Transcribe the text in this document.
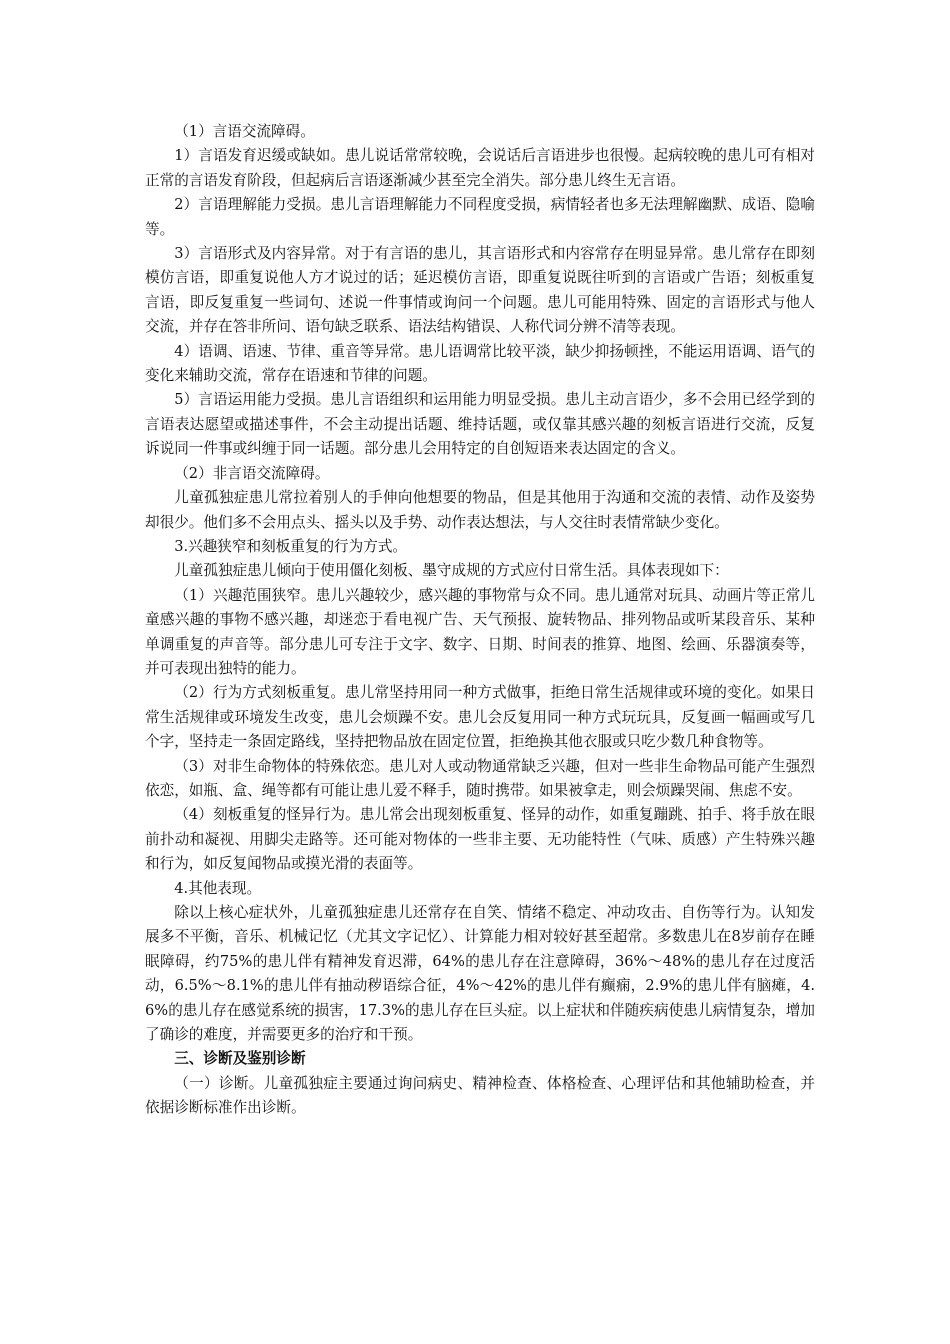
（1）言语交流障碍。

1）言语发育迟缓或缺如。患儿说话常常较晚，会说话后言语进步也很慢。起病较晚的患儿可有相对正常的言语发育阶段，但起病后言语逐渐减少甚至完全消失。部分患儿终生无言语。

2）言语理解能力受损。患儿言语理解能力不同程度受损，病情轻者也多无法理解幽默、成语、隐喻等。

3）言语形式及内容异常。对于有言语的患儿，其言语形式和内容常存在明显异常。患儿常存在即刻模仿言语，即重复说他人方才说过的话；延迟模仿言语，即重复说既往听到的言语或广告语；刻板重复言语，即反复重复一些词句、述说一件事情或询问一个问题。患儿可能用特殊、固定的言语形式与他人交流，并存在答非所问、语句缺乏联系、语法结构错误、人称代词分辨不清等表现。

4）语调、语速、节律、重音等异常。患儿语调常比较平淡，缺少抑扬顿挫，不能运用语调、语气的变化来辅助交流，常存在语速和节律的问题。

5）言语运用能力受损。患儿言语组织和运用能力明显受损。患儿主动言语少，多不会用已经学到的言语表达愿望或描述事件，不会主动提出话题、维持话题，或仅靠其感兴趣的刻板言语进行交流，反复诉说同一件事或纠缠于同一话题。部分患儿会用特定的自创短语来表达固定的含义。

（2）非言语交流障碍。

儿童孤独症患儿常拉着别人的手伸向他想要的物品，但是其他用于沟通和交流的表情、动作及姿势却很少。他们多不会用点头、摇头以及手势、动作表达想法，与人交往时表情常缺少变化。

3.兴趣狭窄和刻板重复的行为方式。

儿童孤独症患儿倾向于使用僵化刻板、墨守成规的方式应付日常生活。具体表现如下：

（1）兴趣范围狭窄。患儿兴趣较少，感兴趣的事物常与众不同。患儿通常对玩具、动画片等正常儿童感兴趣的事物不感兴趣，却迷恋于看电视广告、天气预报、旋转物品、排列物品或听某段音乐、某种单调重复的声音等。部分患儿可专注于文字、数字、日期、时间表的推算、地图、绘画、乐器演奏等，并可表现出独特的能力。

（2）行为方式刻板重复。患儿常坚持用同一种方式做事，拒绝日常生活规律或环境的变化。如果日常生活规律或环境发生改变，患儿会烦躁不安。患儿会反复用同一种方式玩玩具，反复画一幅画或写几个字，坚持走一条固定路线，坚持把物品放在固定位置，拒绝换其他衣服或只吃少数几种食物等。

（3）对非生命物体的特殊依恋。患儿对人或动物通常缺乏兴趣，但对一些非生命物品可能产生强烈依恋，如瓶、盒、绳等都有可能让患儿爱不释手，随时携带。如果被拿走，则会烦躁哭闹、焦虑不安。

（4）刻板重复的怪异行为。患儿常会出现刻板重复、怪异的动作，如重复蹦跳、拍手、将手放在眼前扑动和凝视、用脚尖走路等。还可能对物体的一些非主要、无功能特性（气味、质感）产生特殊兴趣和行为，如反复闻物品或摸光滑的表面等。

4.其他表现。

除以上核心症状外，儿童孤独症患儿还常存在自笑、情绪不稳定、冲动攻击、自伤等行为。认知发展多不平衡，音乐、机械记忆（尤其文字记忆）、计算能力相对较好甚至超常。多数患儿在8岁前存在睡眠障碍，约75%的患儿伴有精神发育迟滞，64%的患儿存在注意障碍，36%～48%的患儿存在过度活动，6.5%～8.1%的患儿伴有抽动秽语综合征，4%～42%的患儿伴有癫痫，2.9%的患儿伴有脑瘫，4.6%的患儿存在感觉系统的损害，17.3%的患儿存在巨头症。以上症状和伴随疾病使患儿病情复杂，增加了确诊的难度，并需要更多的治疗和干预。

三、诊断及鉴别诊断

（一）诊断。儿童孤独症主要通过询问病史、精神检查、体格检查、心理评估和其他辅助检查，并依据诊断标准作出诊断。
